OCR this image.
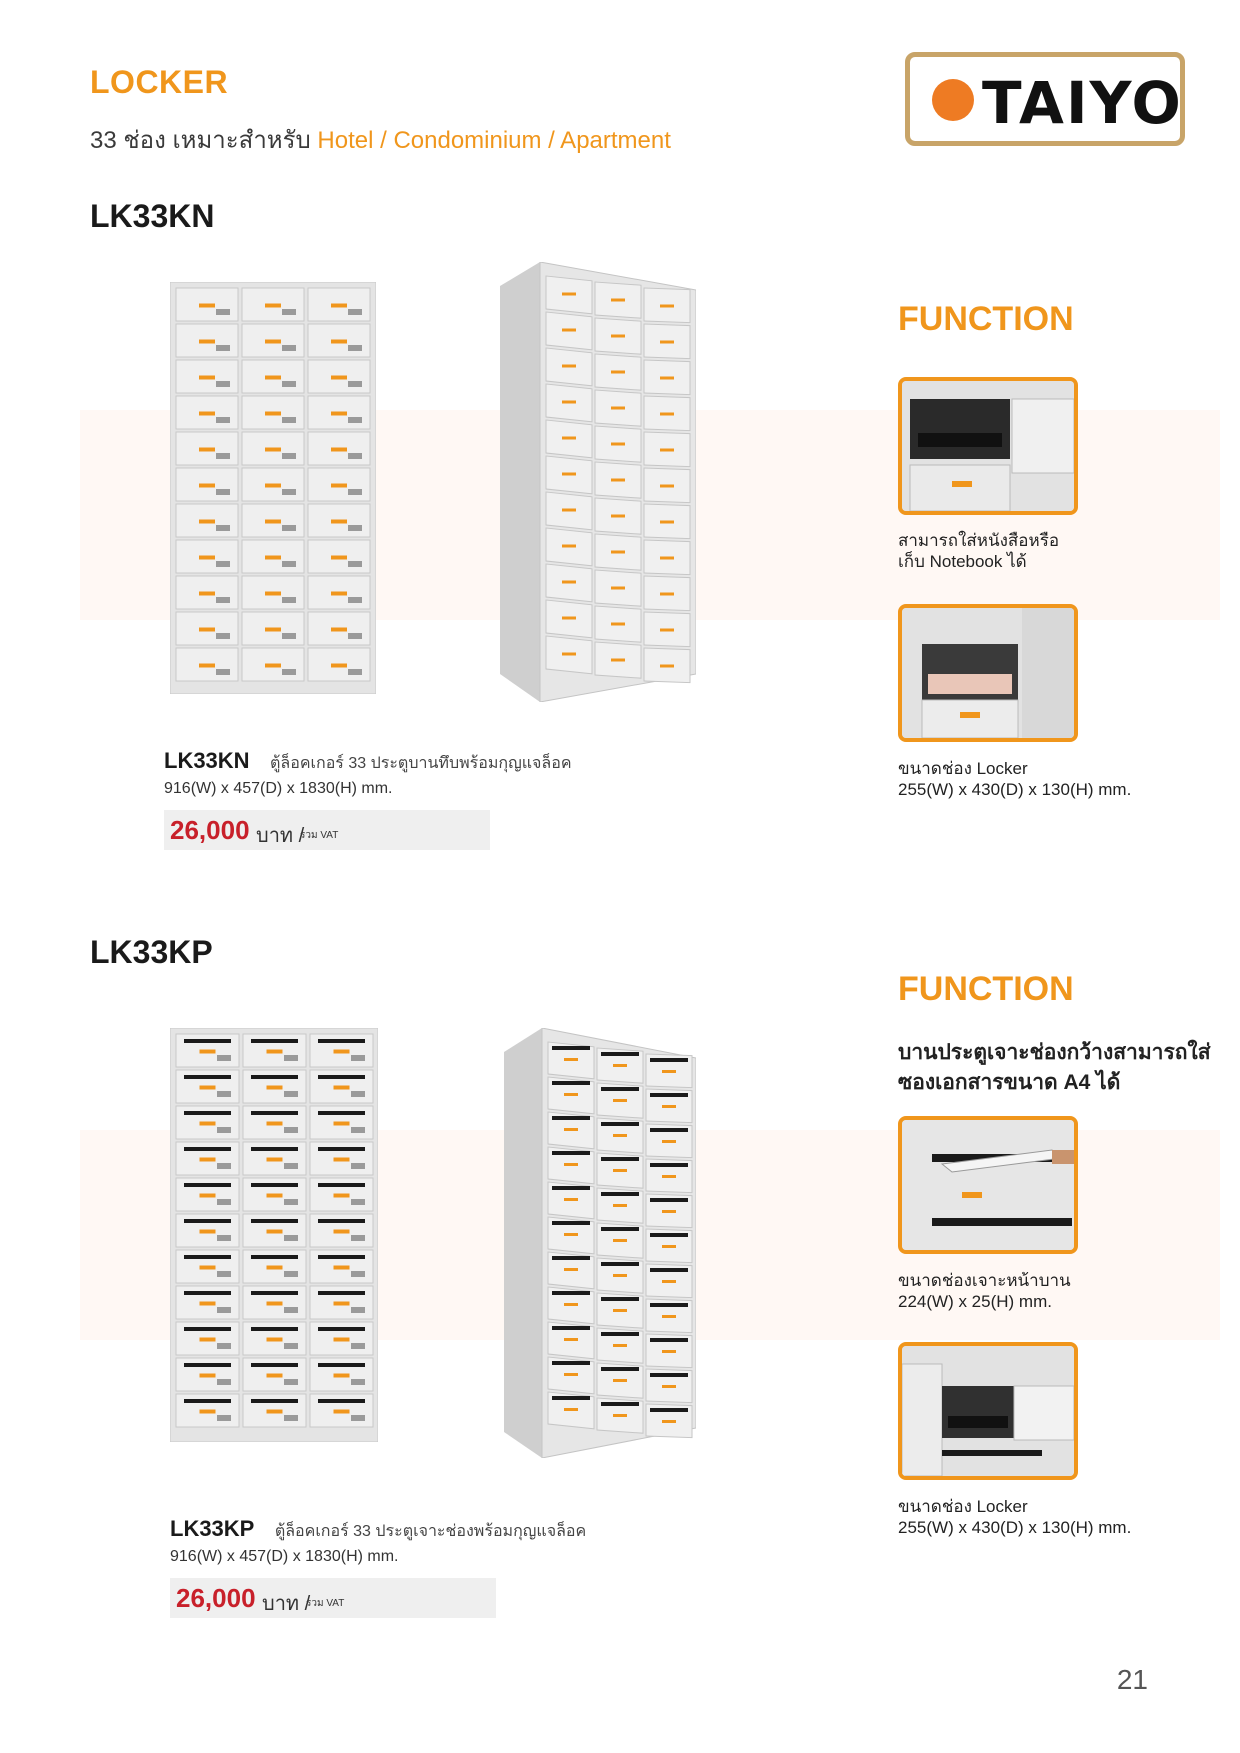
LOCKER
33 ช่อง เหมาะสำหรับ Hotel / Condominium / Apartment
TAIYO
LK33KN
LK33KN ตู้ล็อคเกอร์ 33 ประตูบานทึบพร้อมกุญแจล็อค
916(W) x 457(D) x 1830(H) mm.
26,000 บาท /
รวม VAT
FUNCTION
สามารถใส่หนังสือหรือ
เก็บ Notebook ได้
ขนาดช่อง Locker
255(W) x 430(D) x 130(H) mm.
LK33KP
LK33KP ตู้ล็อคเกอร์ 33 ประตูเจาะช่องพร้อมกุญแจล็อค
916(W) x 457(D) x 1830(H) mm.
26,000 บาท /
รวม VAT
FUNCTION
บานประตูเจาะช่องกว้างสามารถใส่
ซองเอกสารขนาด A4 ได้
ขนาดช่องเจาะหน้าบาน
224(W) x 25(H) mm.
ขนาดช่อง Locker
255(W) x 430(D) x 130(H) mm.
21
